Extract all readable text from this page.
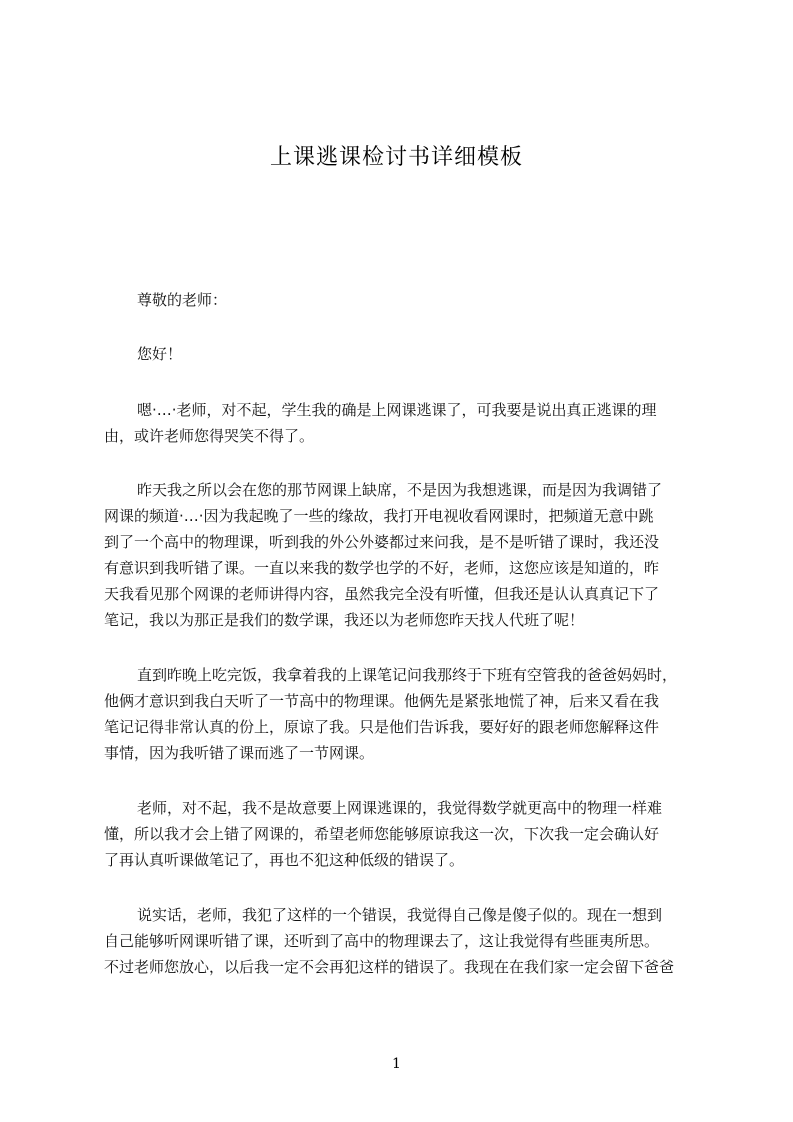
上课逃课检讨书详细模板
尊敬的老师：
您好！
嗯·…·老师，对不起，学生我的确是上网课逃课了，可我要是说出真正逃课的理
由，或许老师您得哭笑不得了。
昨天我之所以会在您的那节网课上缺席，不是因为我想逃课，而是因为我调错了
网课的频道·…·因为我起晚了一些的缘故，我打开电视收看网课时，把频道无意中跳
到了一个高中的物理课，听到我的外公外婆都过来问我，是不是听错了课时，我还没
有意识到我听错了课。一直以来我的数学也学的不好，老师，这您应该是知道的，昨
天我看见那个网课的老师讲得内容，虽然我完全没有听懂，但我还是认认真真记下了
笔记，我以为那正是我们的数学课，我还以为老师您昨天找人代班了呢！
直到昨晚上吃完饭，我拿着我的上课笔记问我那终于下班有空管我的爸爸妈妈时，
他俩才意识到我白天听了一节高中的物理课。他俩先是紧张地慌了神，后来又看在我
笔记记得非常认真的份上，原谅了我。只是他们告诉我，要好好的跟老师您解释这件
事情，因为我听错了课而逃了一节网课。
老师，对不起，我不是故意要上网课逃课的，我觉得数学就更高中的物理一样难
懂，所以我才会上错了网课的，希望老师您能够原谅我这一次，下次我一定会确认好
了再认真听课做笔记了，再也不犯这种低级的错误了。
说实话，老师，我犯了这样的一个错误，我觉得自己像是傻子似的。现在一想到
自己能够听网课听错了课，还听到了高中的物理课去了，这让我觉得有些匪夷所思。
不过老师您放心，以后我一定不会再犯这样的错误了。我现在在我们家一定会留下爸爸
1
